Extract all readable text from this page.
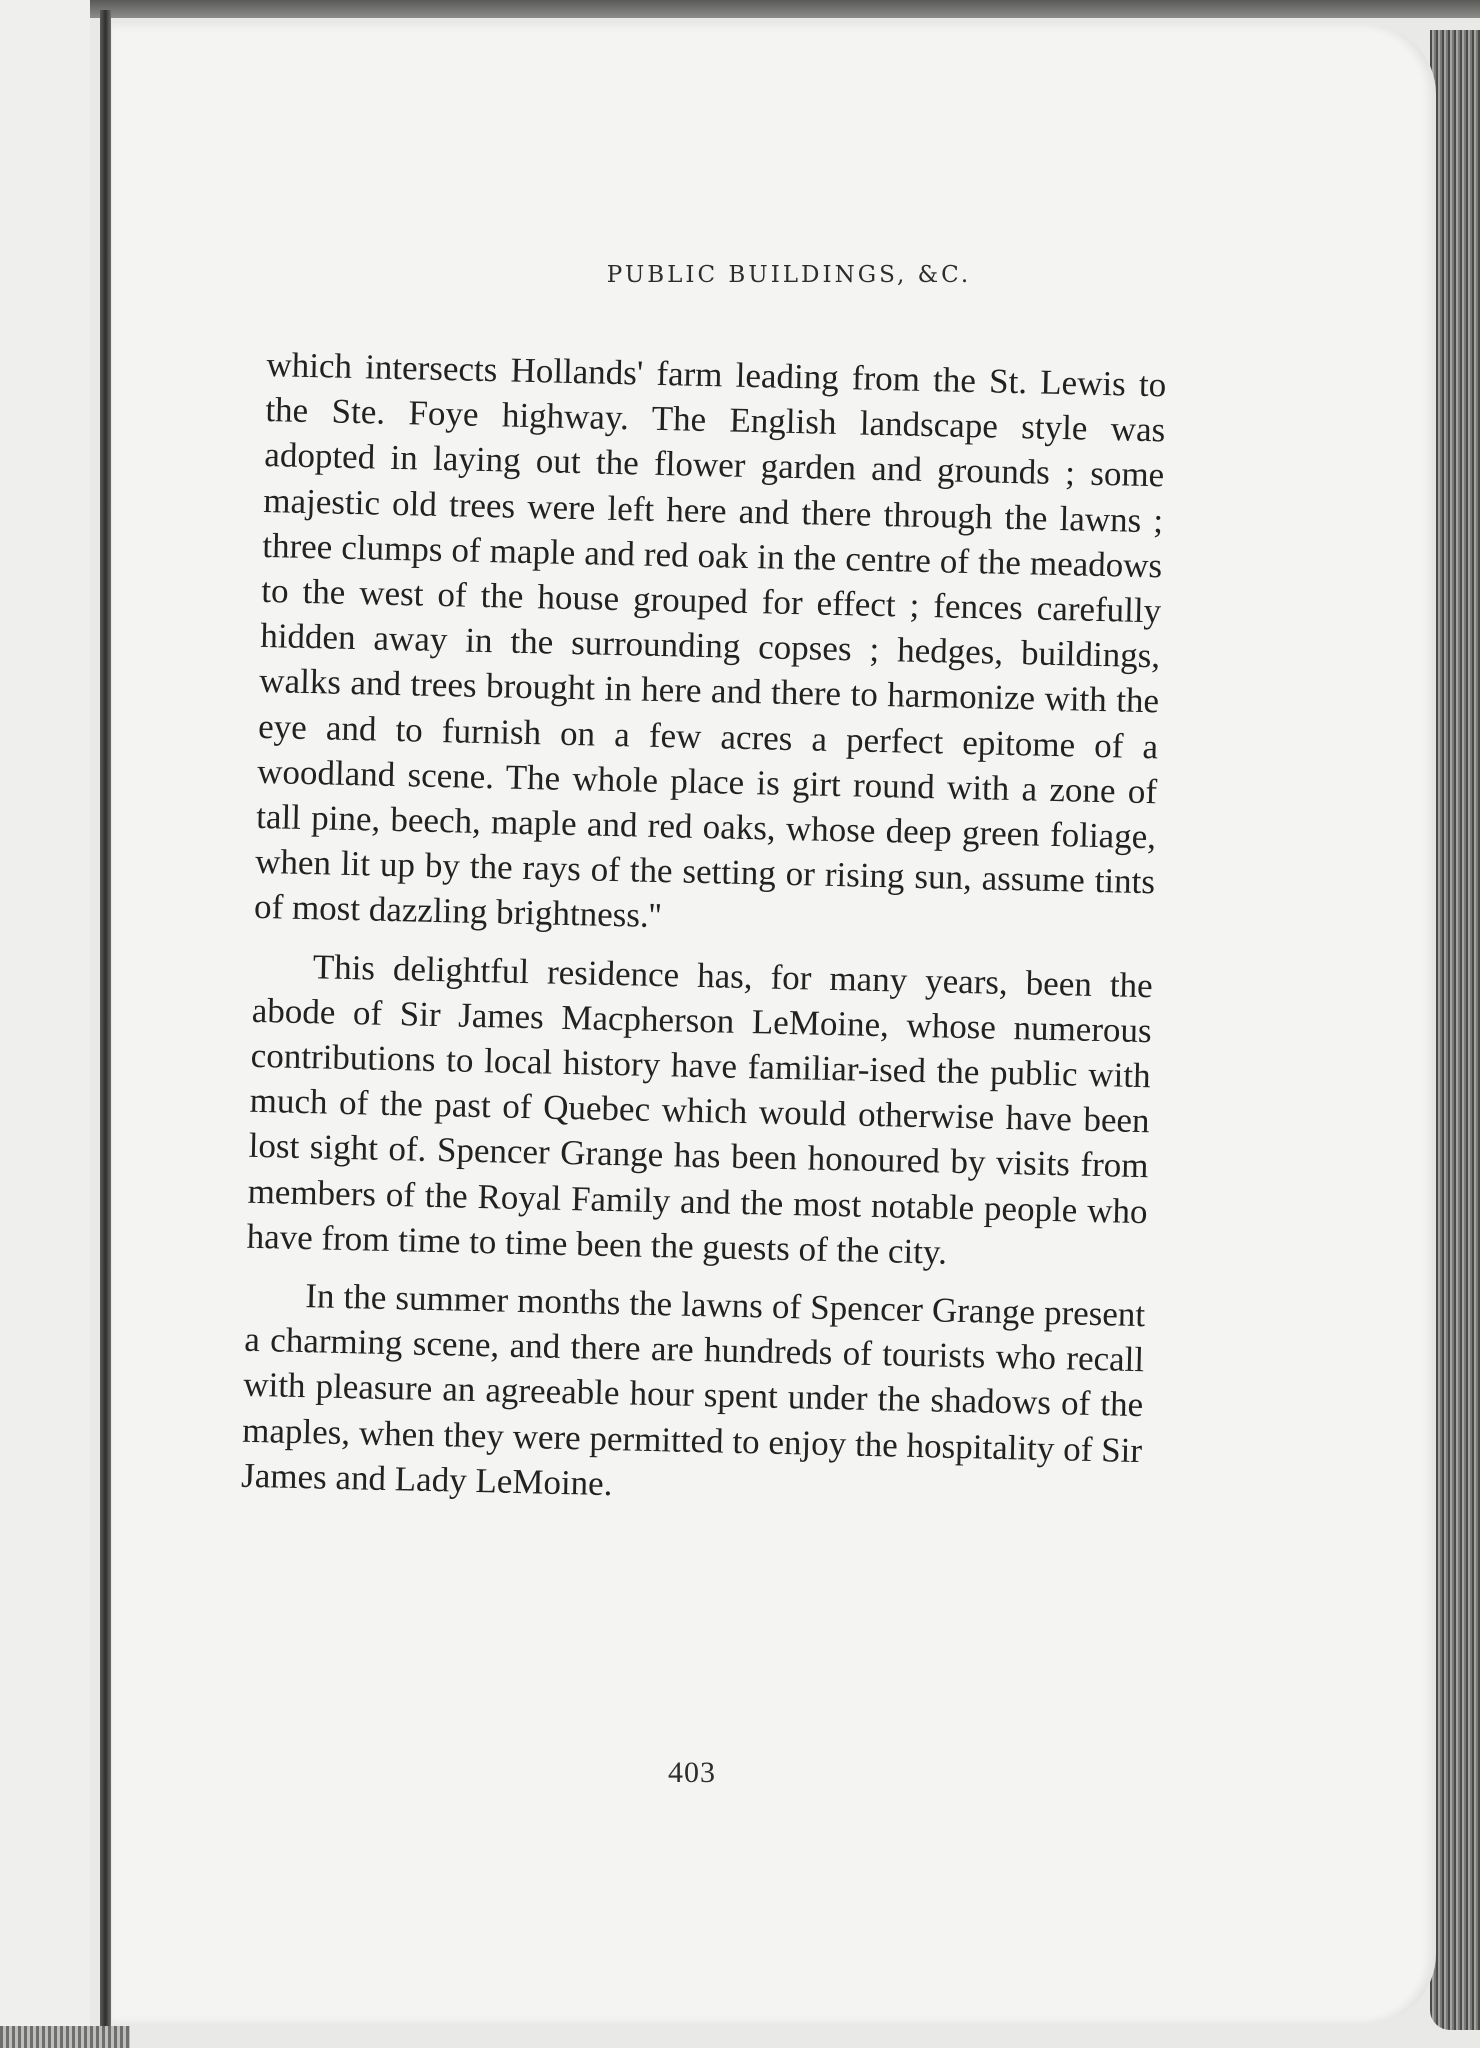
PUBLIC BUILDINGS, &C.

which intersects Hollands' farm leading from the St. Lewis to the Ste. Foye highway. The English landscape style was adopted in laying out the flower garden and grounds ; some majestic old trees were left here and there through the lawns ; three clumps of maple and red oak in the centre of the meadows to the west of the house grouped for effect ; fences carefully hidden away in the surrounding copses ; hedges, buildings, walks and trees brought in here and there to harmonize with the eye and to furnish on a few acres a perfect epitome of a woodland scene. The whole place is girt round with a zone of tall pine, beech, maple and red oaks, whose deep green foliage, when lit up by the rays of the setting or rising sun, assume tints of most dazzling brightness.''

This delightful residence has, for many years, been the abode of Sir James Macpherson LeMoine, whose numerous contributions to local history have familiar-ised the public with much of the past of Quebec which would otherwise have been lost sight of. Spencer Grange has been honoured by visits from members of the Royal Family and the most notable people who have from time to time been the guests of the city.

In the summer months the lawns of Spencer Grange present a charming scene, and there are hundreds of tourists who recall with pleasure an agreeable hour spent under the shadows of the maples, when they were permitted to enjoy the hospitality of Sir James and Lady LeMoine.

403
